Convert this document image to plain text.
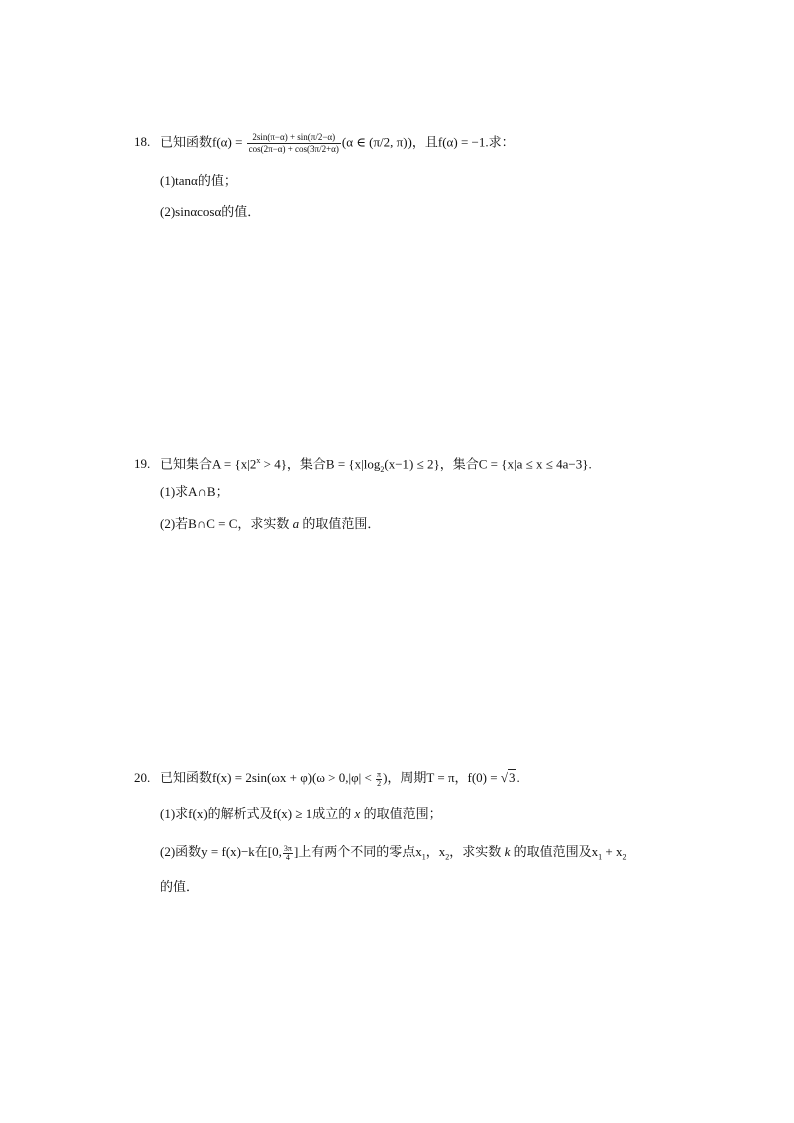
18. 已知函数$f(\alpha) = \frac{2\sin(\pi-\alpha) + \sin(\pi/2-\alpha)}{\cos(2\pi-\alpha) + \cos(3\pi/2+\alpha)} (\alpha$ ∈ (π/2, π))，且f(α) = −1.求：
(1)tanα的值；
(2)sinαcosα的值．
19. 已知集合$A = \{x|2^x > 4\}$，集合$B = \{x|\log_2(x-1) \le 2\}$，集合C = {x|a ≤ x ≤ 4a−3}.
(1)求A∩B；
(2)若B∩C = C，求实数 a 的取值范围．
20. 已知函数$f(x) = 2\sin(\omega x + \varphi)(\omega > 0,|\varphi| < \frac{\pi}{2}$ )，周期T = π，f(0) = √3.
(1)求f(x)的解析式及f(x) ≥ 1成立的 x 的取值范围；
(2)函数y = f(x)−k在[0, $\frac{3\pi}{4}$ ]上有两个不同的零点$x_1$，$x_2$，求实数 k 的取值范围及$x_1 + x_2$
的值．
